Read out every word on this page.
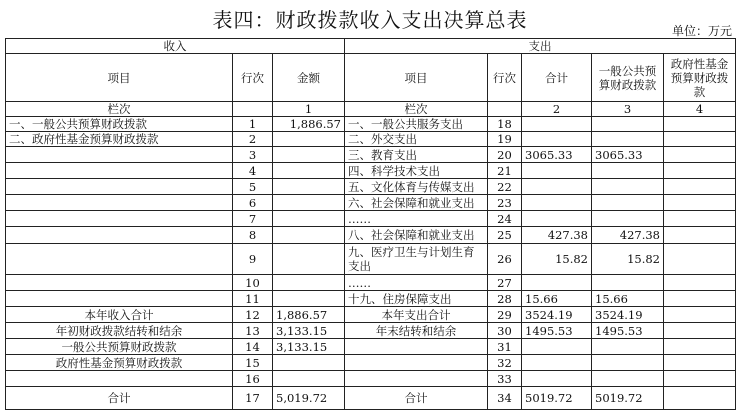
表四：财政拨款收入支出决算总表	单位：万元
收入			支出				
项目	行次	金额	项目	行次	合计	一般公共预算财政拨款	政府性基金预算财政拨款
栏次		1	栏次		2	3	4
一、一般公共预算财政拨款	1	1,886.57	一、一般公共服务支出	18			
二、政府性基金预算财政拨款	2		二、外交支出	19			
	3		三、教育支出	20	3065.33	3065.33	
	4		四、科学技术支出	21			
	5		五、文化体育与传媒支出	22			
	6		六、社会保障和就业支出	23			
	7		……	24			
	8		八、社会保障和就业支出	25	427.38	427.38	
	9		九、医疗卫生与计划生育支出	26	15.82	15.82	
	10		……	27			
	11		十九、住房保障支出	28	15.66	15.66	
本年收入合计	12	1,886.57	本年支出合计	29	3524.19	3524.19	
年初财政拨款结转和结余	13	3,133.15	年末结转和结余	30	1495.53	1495.53	
一般公共预算财政拨款	14	3,133.15		31			
政府性基金预算财政拨款	15			32			
	16			33			
合计	17	5,019.72	合计	34	5019.72	5019.72	
